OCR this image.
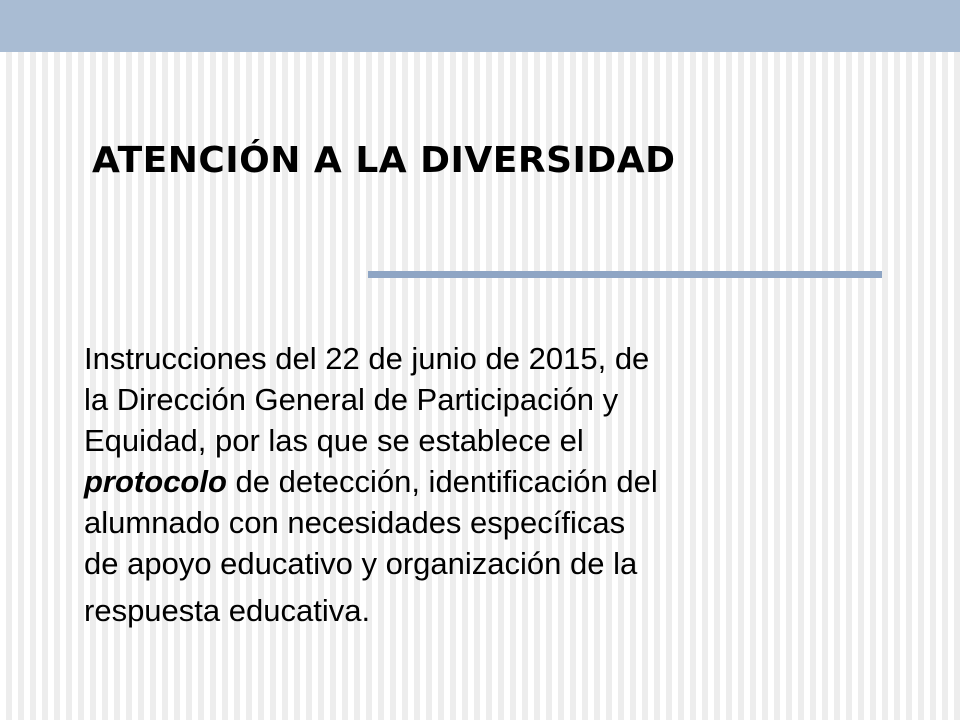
ATENCIÓN A LA DIVERSIDAD

Instrucciones del 22 de junio de 2015, de
la Dirección General de Participación y
Equidad, por las que se establece el
protocolo de detección, identificación del
alumnado con necesidades específicas
de apoyo educativo y organización de la
respuesta educativa.
